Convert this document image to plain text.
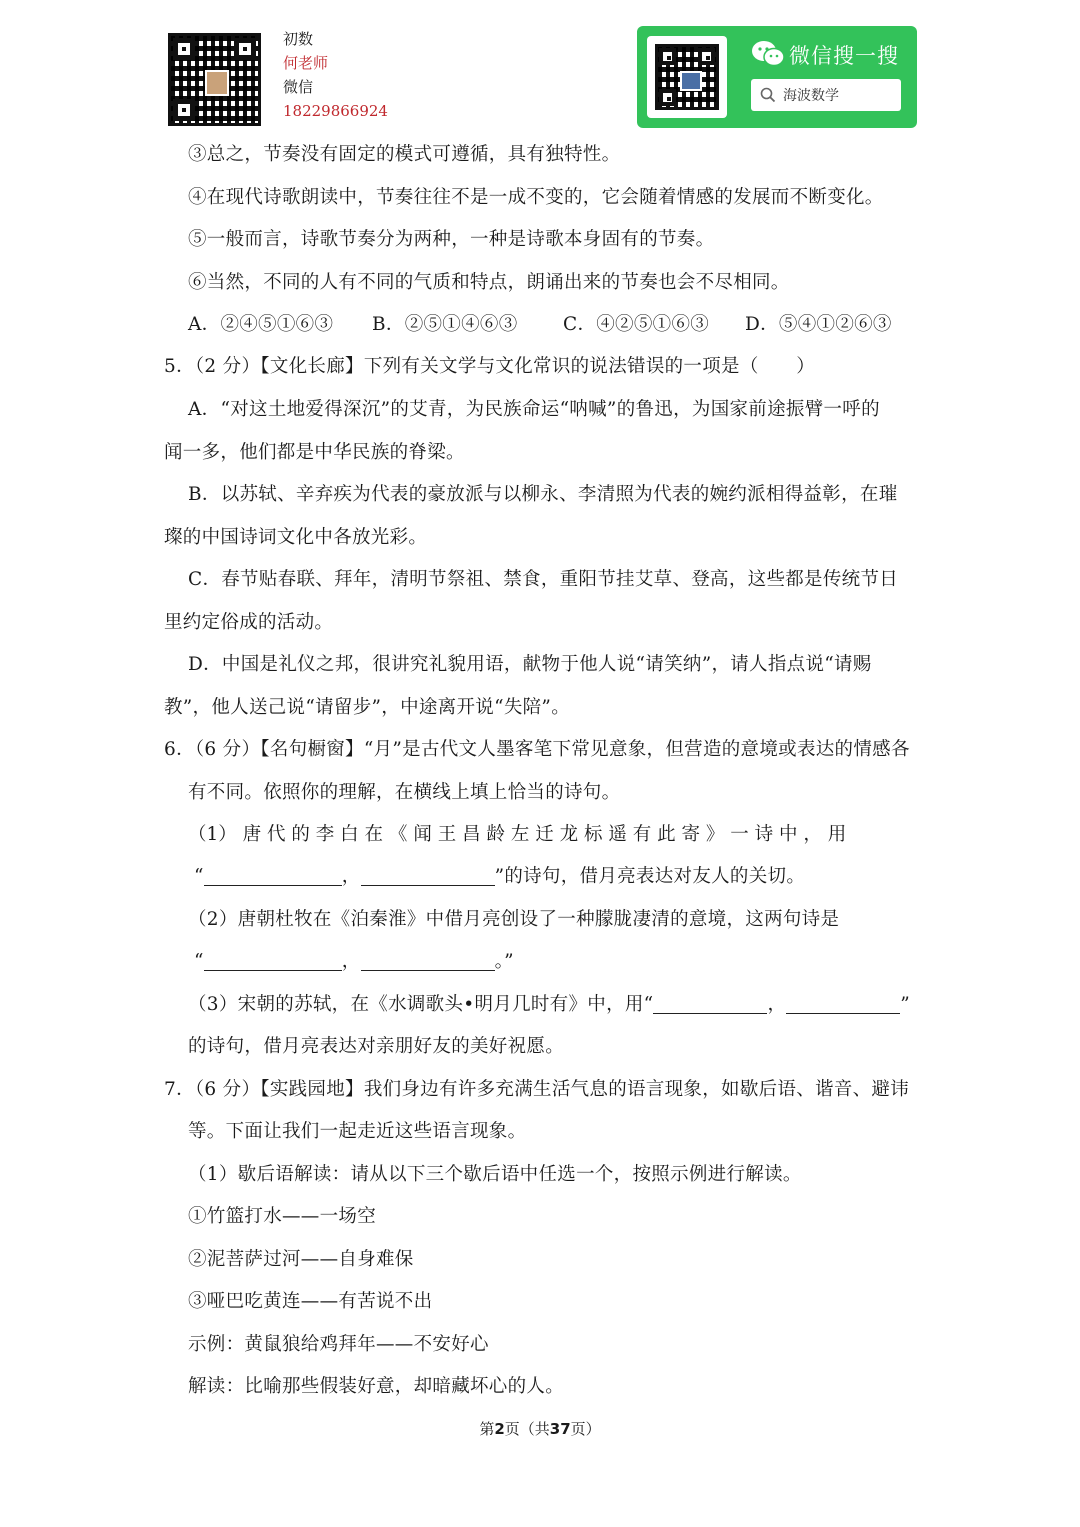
初数
何老师
微信
18229866924
微信搜一搜
海波数学
③总之，节奏没有固定的模式可遵循，具有独特性。
④在现代诗歌朗读中，节奏往往不是一成不变的，它会随着情感的发展而不断变化。
⑤一般而言，诗歌节奏分为两种，一种是诗歌本身固有的节奏。
⑥当然，不同的人有不同的气质和特点，朗诵出来的节奏也会不尽相同。
A．②④⑤①⑥③ B．②⑤①④⑥③ C．④②⑤①⑥③ D．⑤④①②⑥③
5．（2 分）【文化长廊】下列有关文学与文化常识的说法错误的一项是（　　）
A．“对这土地爱得深沉”的艾青，为民族命运“呐喊”的鲁迅，为国家前途振臂一呼的
闻一多，他们都是中华民族的脊梁。
B．以苏轼、辛弃疾为代表的豪放派与以柳永、李清照为代表的婉约派相得益彰，在璀
璨的中国诗词文化中各放光彩。
C．春节贴春联、拜年，清明节祭祖、禁食，重阳节挂艾草、登高，这些都是传统节日
里约定俗成的活动。
D．中国是礼仪之邦，很讲究礼貌用语，献物于他人说“请笑纳”，请人指点说“请赐
教”，他人送己说“请留步”，中途离开说“失陪”。
6．（6 分）【名句橱窗】“月”是古代文人墨客笔下常见意象，但营造的意境或表达的情感各
有不同。依照你的理解，在横线上填上恰当的诗句。
（1） 唐 代 的 李 白 在 《 闻 王 昌 龄 左 迁 龙 标 遥 有 此 寄 》 一 诗 中 ， 用
“	，	”的诗句，借月亮表达对友人的关切。
（2）唐朝杜牧在《泊秦淮》中借月亮创设了一种朦胧凄清的意境，这两句诗是
“	，	。”
（3）宋朝的苏轼，在《水调歌头•明月几时有》中，用“	，	”
的诗句，借月亮表达对亲朋好友的美好祝愿。
7．（6 分）【实践园地】我们身边有许多充满生活气息的语言现象，如歇后语、谐音、避讳
等。下面让我们一起走近这些语言现象。
（1）歇后语解读：请从以下三个歇后语中任选一个，按照示例进行解读。
①竹篮打水——一场空
②泥菩萨过河——自身难保
③哑巴吃黄连——有苦说不出
示例：黄鼠狼给鸡拜年——不安好心
解读：比喻那些假装好意，却暗藏坏心的人。
第2页（共37页）
